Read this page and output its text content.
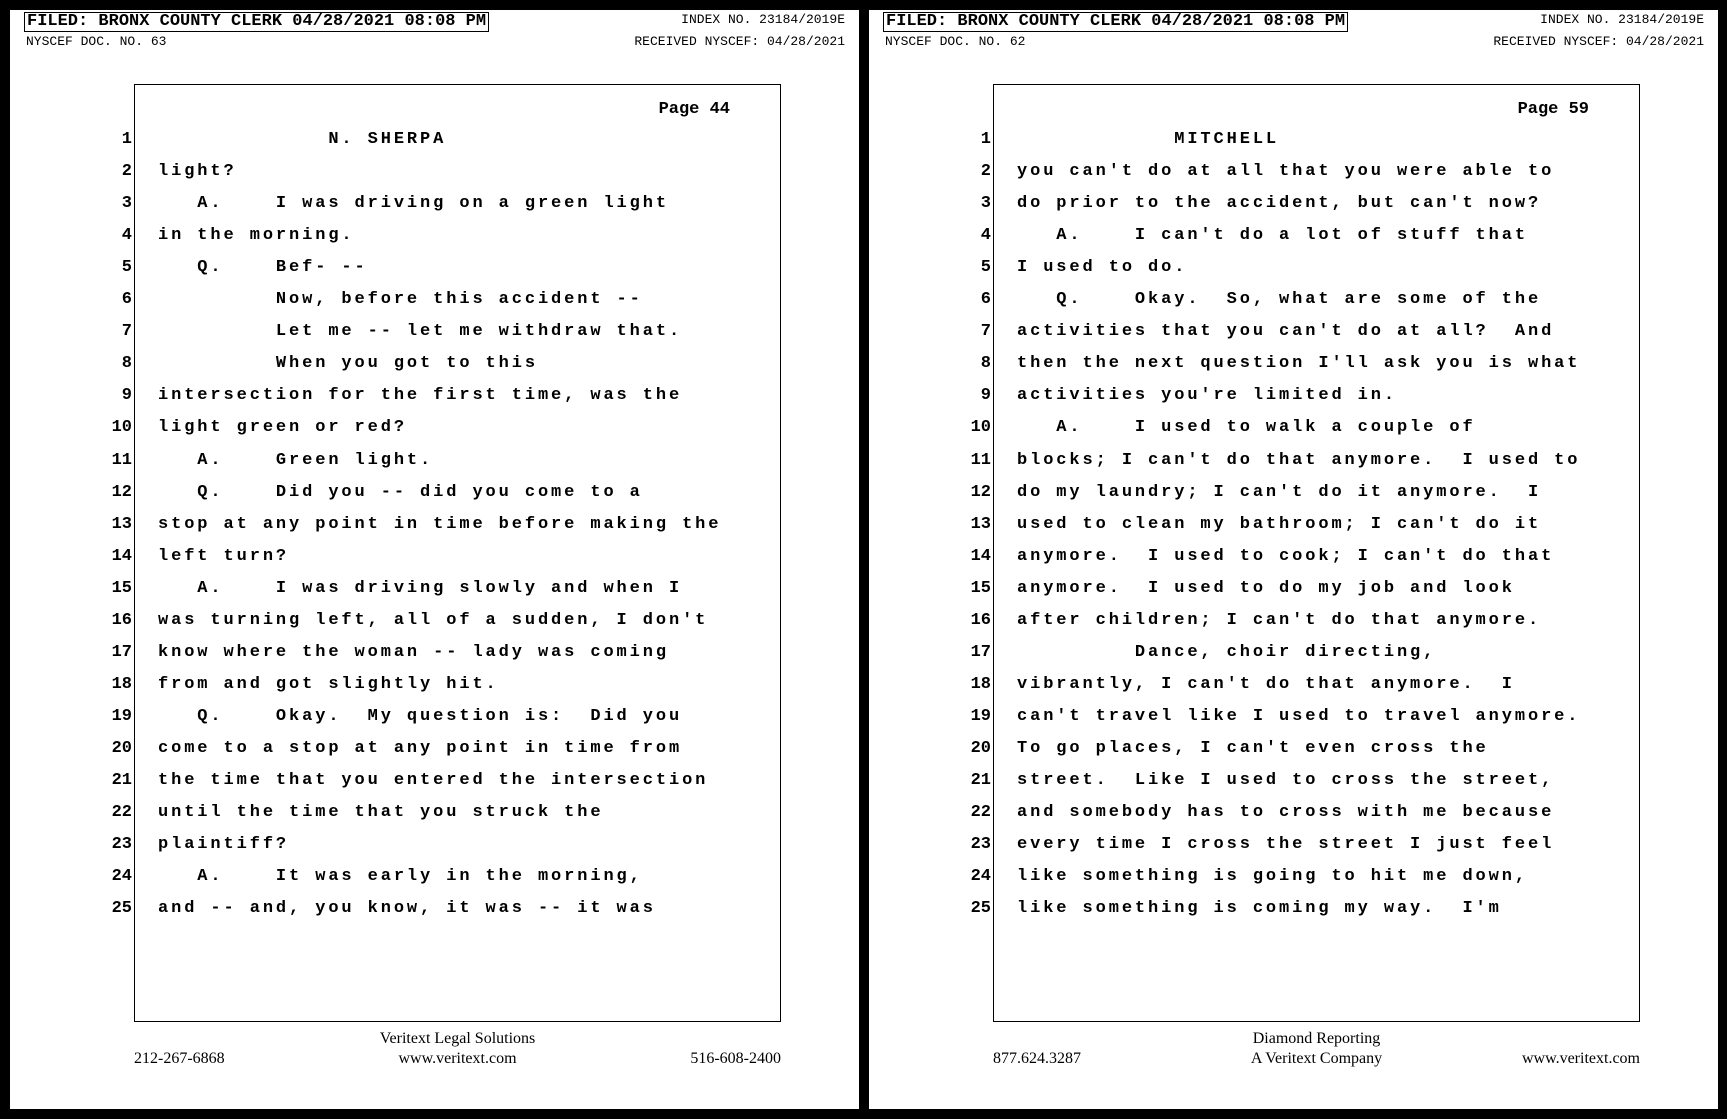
FILED: BRONX COUNTY CLERK 04/28/2021 08:08 PM	INDEX NO. 23184/2019E
NYSCEF DOC. NO. 63	RECEIVED NYSCEF: 04/28/2021
Page 44
1 N. SHERPA
2 light?
3 A.    I was driving on a green light
4 in the morning.
5 Q.    Bef- --
6 Now, before this accident --
7 Let me -- let me withdraw that.
8 When you got to this
9 intersection for the first time, was the
10 light green or red?
11 A.    Green light.
12 Q.    Did you -- did you come to a
13 stop at any point in time before making the
14 left turn?
15 A.    I was driving slowly and when I
16 was turning left, all of a sudden, I don't
17 know where the woman -- lady was coming
18 from and got slightly hit.
19 Q.    Okay.  My question is:  Did you
20 come to a stop at any point in time from
21 the time that you entered the intersection
22 until the time that you struck the
23 plaintiff?
24 A.    It was early in the morning,
25 and -- and, you know, it was -- it was
Veritext Legal Solutions
212-267-6868	www.veritext.com	516-608-2400
FILED: BRONX COUNTY CLERK 04/28/2021 08:08 PM	INDEX NO. 23184/2019E
NYSCEF DOC. NO. 62	RECEIVED NYSCEF: 04/28/2021
Page 59
1 MITCHELL
2 you can't do at all that you were able to
3 do prior to the accident, but can't now?
4 A.    I can't do a lot of stuff that
5 I used to do.
6 Q.    Okay.  So, what are some of the
7 activities that you can't do at all?  And
8 then the next question I'll ask you is what
9 activities you're limited in.
10 A.    I used to walk a couple of
11 blocks; I can't do that anymore.  I used to
12 do my laundry; I can't do it anymore.  I
13 used to clean my bathroom; I can't do it
14 anymore.  I used to cook; I can't do that
15 anymore.  I used to do my job and look
16 after children; I can't do that anymore.
17 Dance, choir directing,
18 vibrantly, I can't do that anymore.  I
19 can't travel like I used to travel anymore.
20 To go places, I can't even cross the
21 street.  Like I used to cross the street,
22 and somebody has to cross with me because
23 every time I cross the street I just feel
24 like something is going to hit me down,
25 like something is coming my way.  I'm
Diamond Reporting
877.624.3287	A Veritext Company	www.veritext.com
